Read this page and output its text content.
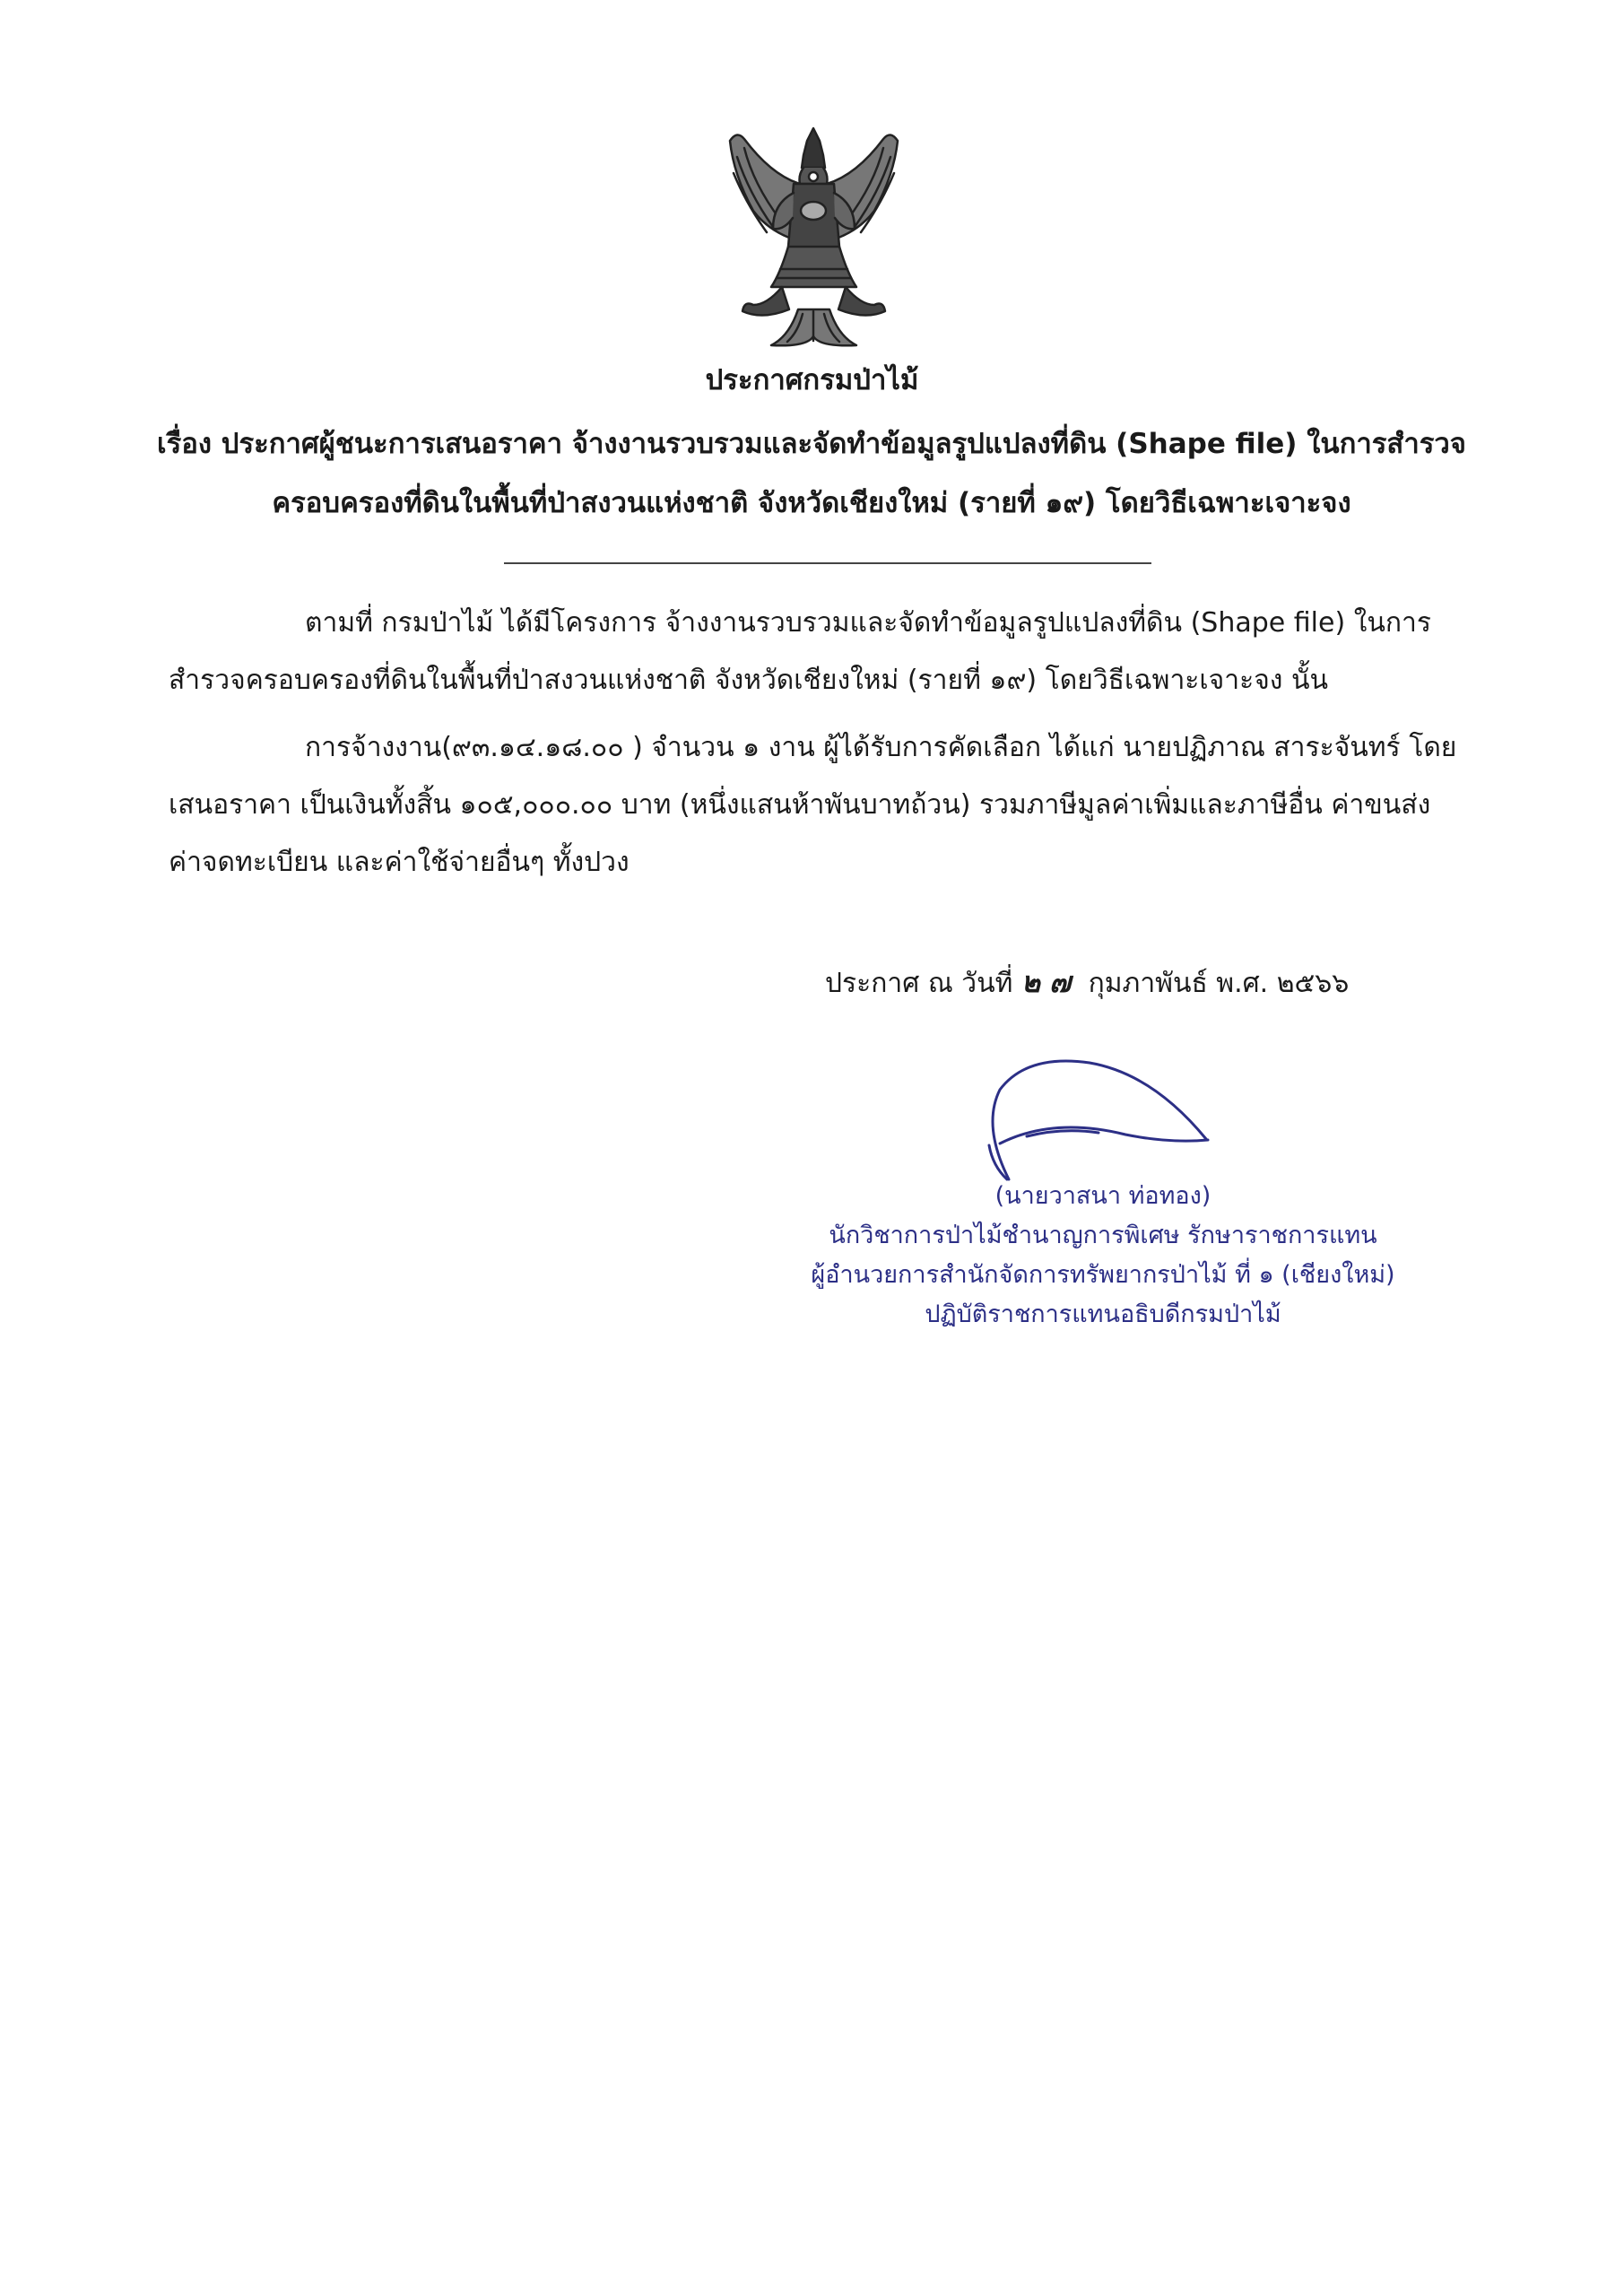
ประกาศกรมป่าไม้
เรื่อง ประกาศผู้ชนะการเสนอราคา จ้างงานรวบรวมและจัดทำข้อมูลรูปแปลงที่ดิน (Shape file) ในการสำรวจ
ครอบครองที่ดินในพื้นที่ป่าสงวนแห่งชาติ จังหวัดเชียงใหม่ (รายที่ ๑๙) โดยวิธีเฉพาะเจาะจง
ตามที่ กรมป่าไม้ ได้มีโครงการ จ้างงานรวบรวมและจัดทำข้อมูลรูปแปลงที่ดิน (Shape file) ในการ
สำรวจครอบครองที่ดินในพื้นที่ป่าสงวนแห่งชาติ จังหวัดเชียงใหม่ (รายที่ ๑๙) โดยวิธีเฉพาะเจาะจง นั้น
การจ้างงาน(๙๓.๑๔.๑๘.๐๐ ) จำนวน ๑ งาน ผู้ได้รับการคัดเลือก ได้แก่ นายปฏิภาณ สาระจันทร์ โดย
เสนอราคา เป็นเงินทั้งสิ้น ๑๐๕,๐๐๐.๐๐ บาท (หนึ่งแสนห้าพันบาทถ้วน) รวมภาษีมูลค่าเพิ่มและภาษีอื่น ค่าขนส่ง
ค่าจดทะเบียน และค่าใช้จ่ายอื่นๆ ทั้งปวง
ประกาศ ณ วันที่ ๒๗ กุมภาพันธ์ พ.ศ. ๒๕๖๖
(นายวาสนา ท่อทอง)
นักวิชาการป่าไม้ชำนาญการพิเศษ รักษาราชการแทน
ผู้อำนวยการสำนักจัดการทรัพยากรป่าไม้ ที่ ๑ (เชียงใหม่)
ปฏิบัติราชการแทนอธิบดีกรมป่าไม้
